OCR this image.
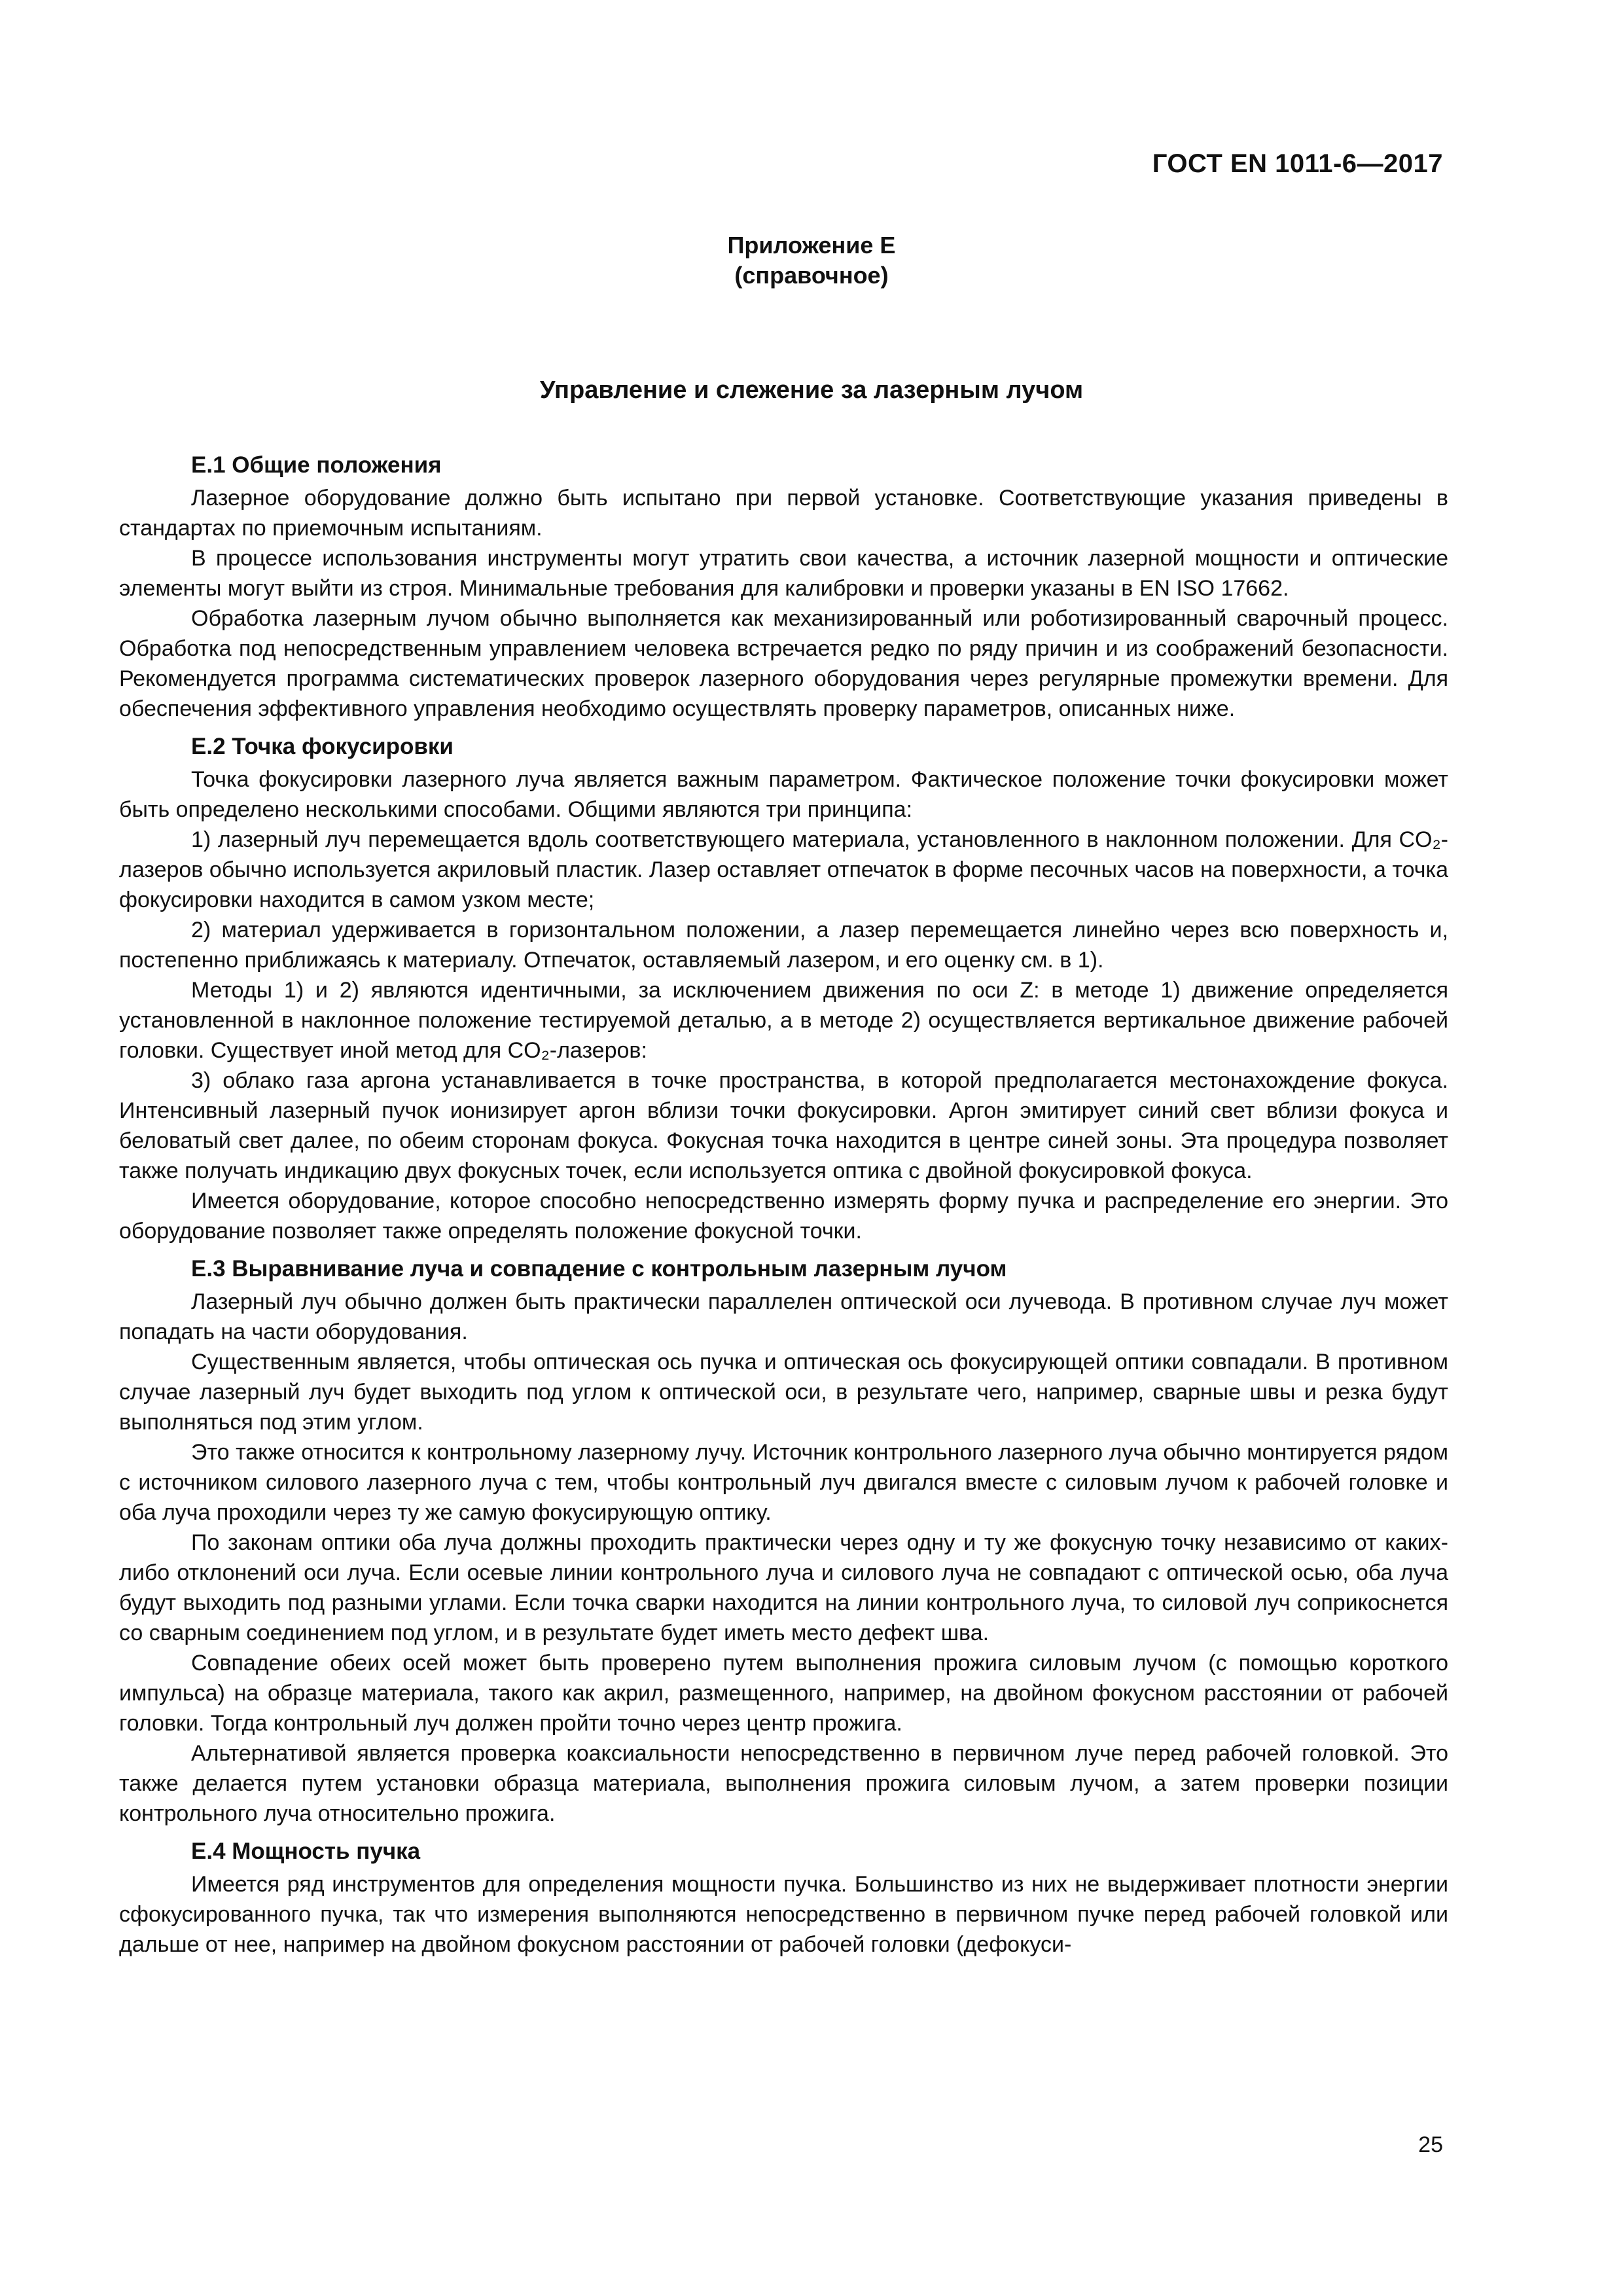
ГОСТ EN 1011-6—2017
Приложение Е
(справочное)
Управление и слежение за лазерным лучом
Е.1 Общие положения

Лазерное оборудование должно быть испытано при первой установке. Соответствующие указания приведены в стандартах по приемочным испытаниям.

В процессе использования инструменты могут утратить свои качества, а источник лазерной мощности и оптические элементы могут выйти из строя. Минимальные требования для калибровки и проверки указаны в EN ISO 17662.

Обработка лазерным лучом обычно выполняется как механизированный или роботизированный сварочный процесс. Обработка под непосредственным управлением человека встречается редко по ряду причин и из соображений безопасности. Рекомендуется программа систематических проверок лазерного оборудования через регулярные промежутки времени. Для обеспечения эффективного управления необходимо осуществлять проверку параметров, описанных ниже.

Е.2 Точка фокусировки

Точка фокусировки лазерного луча является важным параметром. Фактическое положение точки фокусировки может быть определено несколькими способами. Общими являются три принципа:

1) лазерный луч перемещается вдоль соответствующего материала, установленного в наклонном положении. Для CO₂-лазеров обычно используется акриловый пластик. Лазер оставляет отпечаток в форме песочных часов на поверхности, а точка фокусировки находится в самом узком месте;

2) материал удерживается в горизонтальном положении, а лазер перемещается линейно через всю поверхность и, постепенно приближаясь к материалу. Отпечаток, оставляемый лазером, и его оценку см. в 1).

Методы 1) и 2) являются идентичными, за исключением движения по оси Z: в методе 1) движение определяется установленной в наклонное положение тестируемой деталью, а в методе 2) осуществляется вертикальное движение рабочей головки. Существует иной метод для CO₂-лазеров:

3) облако газа аргона устанавливается в точке пространства, в которой предполагается местонахождение фокуса. Интенсивный лазерный пучок ионизирует аргон вблизи точки фокусировки. Аргон эмитирует синий свет вблизи фокуса и беловатый свет далее, по обеим сторонам фокуса. Фокусная точка находится в центре синей зоны. Эта процедура позволяет также получать индикацию двух фокусных точек, если используется оптика с двойной фокусировкой фокуса.

Имеется оборудование, которое способно непосредственно измерять форму пучка и распределение его энергии. Это оборудование позволяет также определять положение фокусной точки.

Е.3 Выравнивание луча и совпадение с контрольным лазерным лучом

Лазерный луч обычно должен быть практически параллелен оптической оси лучевода. В противном случае луч может попадать на части оборудования.

Существенным является, чтобы оптическая ось пучка и оптическая ось фокусирующей оптики совпадали. В противном случае лазерный луч будет выходить под углом к оптической оси, в результате чего, например, сварные швы и резка будут выполняться под этим углом.

Это также относится к контрольному лазерному лучу. Источник контрольного лазерного луча обычно монтируется рядом с источником силового лазерного луча с тем, чтобы контрольный луч двигался вместе с силовым лучом к рабочей головке и оба луча проходили через ту же самую фокусирующую оптику.

По законам оптики оба луча должны проходить практически через одну и ту же фокусную точку независимо от каких-либо отклонений оси луча. Если осевые линии контрольного луча и силового луча не совпадают с оптической осью, оба луча будут выходить под разными углами. Если точка сварки находится на линии контрольного луча, то силовой луч соприкоснется со сварным соединением под углом, и в результате будет иметь место дефект шва.

Совпадение обеих осей может быть проверено путем выполнения прожига силовым лучом (с помощью короткого импульса) на образце материала, такого как акрил, размещенного, например, на двойном фокусном расстоянии от рабочей головки. Тогда контрольный луч должен пройти точно через центр прожига.

Альтернативой является проверка коаксиальности непосредственно в первичном луче перед рабочей головкой. Это также делается путем установки образца материала, выполнения прожига силовым лучом, а затем проверки позиции контрольного луча относительно прожига.

Е.4 Мощность пучка

Имеется ряд инструментов для определения мощности пучка. Большинство из них не выдерживает плотности энергии сфокусированного пучка, так что измерения выполняются непосредственно в первичном пучке перед рабочей головкой или дальше от нее, например на двойном фокусном расстоянии от рабочей головки (дефокуси-

25
